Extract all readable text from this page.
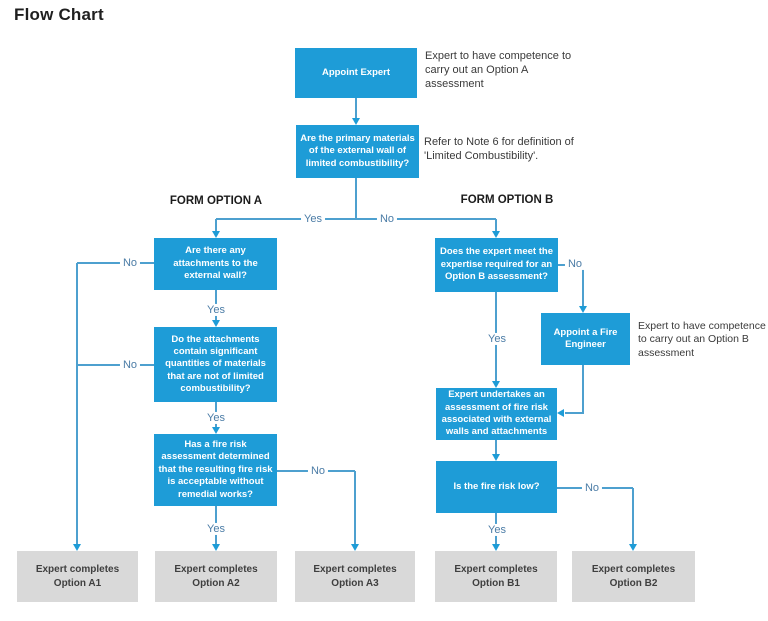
Flow Chart
FORM OPTION A	FORM OPTION B
Appoint Expert
Are the primary materials of the external wall of limited combustibility?
Are there any attachments to the external wall?
Do the attachments contain significant quantities of materials that are not of limited combustibility?
Has a fire risk assessment determined that the resulting fire risk is acceptable without remedial works?
Does the expert meet the expertise required for an Option B assessment?
Appoint a Fire Engineer
Expert undertakes an assessment of fire risk associated with external walls and attachments
Is the fire risk low?
Expert completes Option A1
Expert completes Option A2
Expert completes Option A3
Expert completes Option B1
Expert completes Option B2
Expert to have competence to carry out an Option A assessment
Refer to Note 6 for definition of 'Limited Combustibility'.
Expert to have competence to carry out an Option B assessment
Yes	No
Yes
No
Yes
No
Yes
No
No
Yes
Yes
No
